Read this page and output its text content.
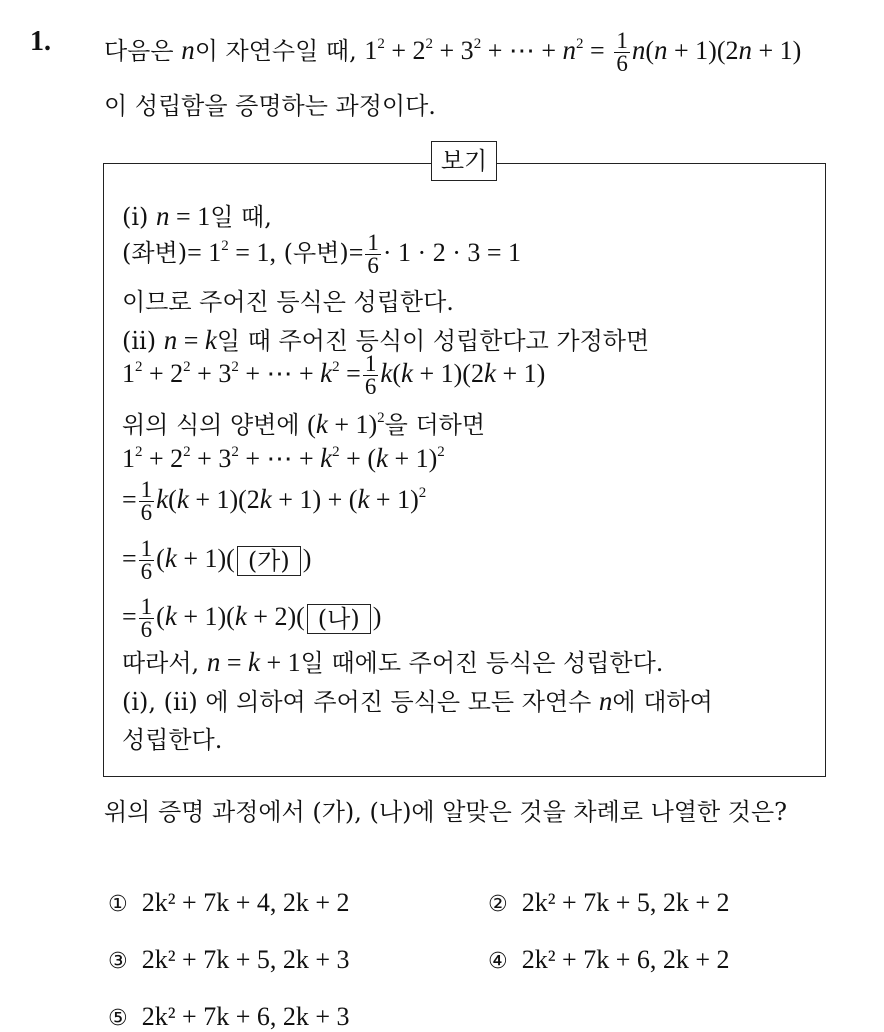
1. 다음은 n이 자연수일 때, $1^2 + 2^2 + 3^2$ + ⋯ + $n^2 = \frac{1}{6} n(n + 1)(2n + 1)$
이 성립함을 증명하는 과정이다.
보기
(i) n = 1일 때,
(좌변)= $1^2 = 1$, (우변)= $\frac{1}{6} \cdot 1 \cdot 2 \cdot 3 = 1$
이므로 주어진 등식은 성립한다.
(ii) n = k일 때 주어진 등식이 성립한다고 가정하면
$1^2 + 2^2 + 3^2$ + ⋯ + $k^2 = \frac{1}{6} k(k + 1)(2k + 1)$
위의 식의 양변에 $(k + 1)^2$을 더하면
$1^2 + 2^2 + 3^2$ + ⋯ + $k^2 + (k + 1)^2$
= $\frac{1}{6} k(k + 1)(2k + 1) + (k + 1)^2$
= $\frac{1}{6} (k + 1)$( (가) )
= $\frac{1}{6} (k + 1)(k + 2)$( (나) )
따라서, n = k + 1일 때에도 주어진 등식은 성립한다.
(i), (ii) 에 의하여 주어진 등식은 모든 자연수 n에 대하여
성립한다.
위의 증명 과정에서 (가), (나)에 알맞은 것을 차례로 나열한 것은?
① 2k² + 7k + 4, 2k + 2	② 2k² + 7k + 5, 2k + 2
③ 2k² + 7k + 5, 2k + 3	④ 2k² + 7k + 6, 2k + 2
⑤ 2k² + 7k + 6, 2k + 3
